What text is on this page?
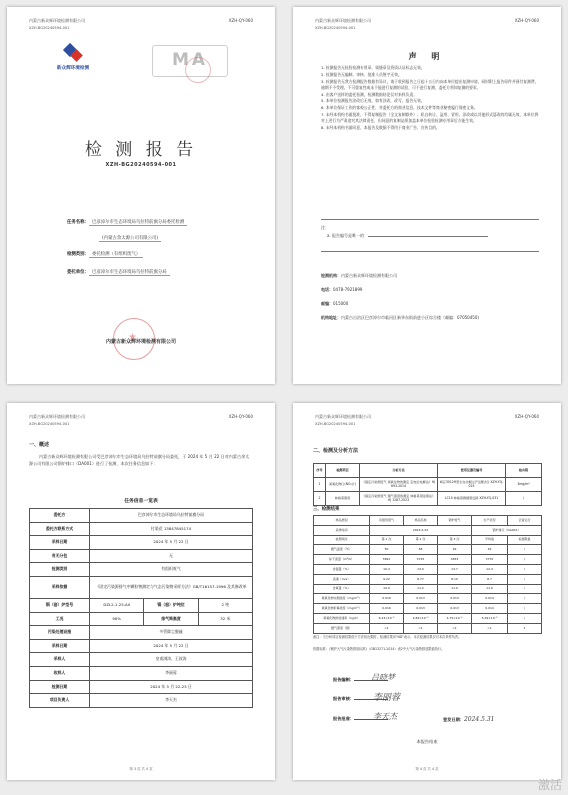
内蒙古新众辉环境检测有限公司	XZH-QY-060
XZH-BG20240594-001
新众辉环境检测	MA
检 测 报 告
XZH-BG20240594-001
任务名称： 巴彦淖尔市生态环境局乌拉特前旗分局委托检测
(内蒙古余太源公司有限公司)
检测类别： 委托检测（有组织废气）
委托单位： 巴彦淖尔市生态环境局乌拉特前旗分局
★
内蒙古新众辉环境检测有限公司
内蒙古新众辉环境检测有限公司	XZH-QY-060
XZH-BG20240594-001
声 明

1. 检测报告无检验检测专用章、骑缝章及资质认证标志无效。

2. 检测报告无编制、审核、批准人员签字无效。

3. 检测报告无我方检测报告数据有异议，请于收到报告之日起十五日内向本单位提出复测申请，同时附上报告原件并预付复测费，逾期不予受理。不可重复性或未不能进行复测的试验，可不进行复测，委托方须知复测的要求。

4. 由客户送样的委托检测，检测数据结论仅对来样负责。

5. 本单位检测报告涂改后无效，如有涂改，改写，报告无效。

6. 本单位保证工作的客观公正性，对委托方的商业信息、技术文件等商业秘密履行保密义务。

7. 未经本机构书面批准，不得复制报告（全文复制除外）；私自转让、盗用、冒用、涂改或以其他形式篡改的均属无效，本单位将对上述行为严肃追究其法律责任，但同意的复制品须加盖本单位检验检测专用章后方能生效。

8. 未经本机构书面同意，本报告及数据不得用于商业广告、宣传目的。

注：
a. 报告编号是唯一的：
检测机构：内蒙古新众辉环境检测有限公司
电话：0478-7921899
邮编：015000
机构地址：内蒙古自治区巴彦淖尔市临河区新华东街前进小区综合楼（邮编：07050450)
内蒙古新众辉环境检测有限公司	XZH-QY-060
XZH-BG20240594-001
一、概述
内蒙古新众辉环境检测有限公司受巴彦淖尔市生态环境局乌拉特前旗分局委托，于 2024 年 5 月 22 日对内蒙古余太源公司有限公司锅炉排口（DA001）进行了检测，本次任务信息如下：
任务信息一览表
委托方	巴彦淖尔市生态环境局乌拉特前旗分局		
委托方联系方式	付渠花 13847845174		
采样日期	2024 年 5 月 22 日		
有无分包	无		
检测类别	有组织废气		
采样依据	《固定污染源排气中颗粒物测定与气态污染物采样方法》GB/T16157-1996 及其修改单		
锅（窑）炉型号	DZL2-1.25-AII	锅（窑）炉吨位	2 吨
工况	90%	排气筒高度	32 米
污染处理设施	多管除尘脱硫		
采样日期	2024 年 5 月 22 日		
采样人	皇甫浏涛、王叙涛		
收样人	李丽蓉		
检测日期	2024 年 5 月 22-23 日		
项目负责人	李天杰		
第 3 页 共 4 页
内蒙古新众辉环境检测有限公司	XZH-QY-060
XZH-BG20240594-001
二、检测及分析方法
序号	检测项目	分析方法	使用仪器及编号	检出限
1	氮氧化物(以NO₂计)	《固定污染源废气 氮氧化物的测定 定电位电解法》HJ 693-2014	崂应3012H型全自动烟尘(气)测试仪 XZH-YQ-025	3mg/m³
2	林格曼黑度	《固定污染源废气 烟气黑度的测定 林格曼望远镜法》HJ 1287-2023	LC10 林格曼测烟望远镜 XZH-YQ-031	/
三、检测结果
样品类别	有组织废气	样品名称	锅炉废气	生产状况	正常运行
采样时间	2024.5.22			锅炉排口（DA001）	
检测频次	第 1 次	第 2 次	第 3 次	平均值	标准限值
烟气温度（℃）	50	48	49	49	/
标干流量（m³/h）	3891	3725	3653	3770	/
含湿量（%）	10.4	13.0	13.7	12.4	/
流速（m/s）	9.22	8.77	8.10	8.7	/
含氧量（%）	10.9	11.2	11.0	11.0	/
氮氧化物实测浓度（mg/m³）	0.016	0.013	0.013	0.014	/
氮氧化物折算浓度（mg/m³）	0.016	0.013	0.013	0.014	/
氮氧化物排放速率（kg/h）	6.23×10⁻⁵	4.84×10⁻⁵	4.75×10⁻⁵	5.29×10⁻⁵	/
烟气黑度（级）	<1	<1	<1	<1	1
备注：当分析项目检测结果低于方法检出限时，检测结果用“ND”表示，本次检测结果仅对本次采样负责。
依据标准：《锅炉大气污染物排放标准》（GB13271-2014）表2中大气污染物排放限值执行。
报告编制：	吕晓梦
报告审核：	李丽蓉
报告批准：	李天杰	签发日期：2024.5.31
本报告结束
第 4 页 共 4 页
激活
